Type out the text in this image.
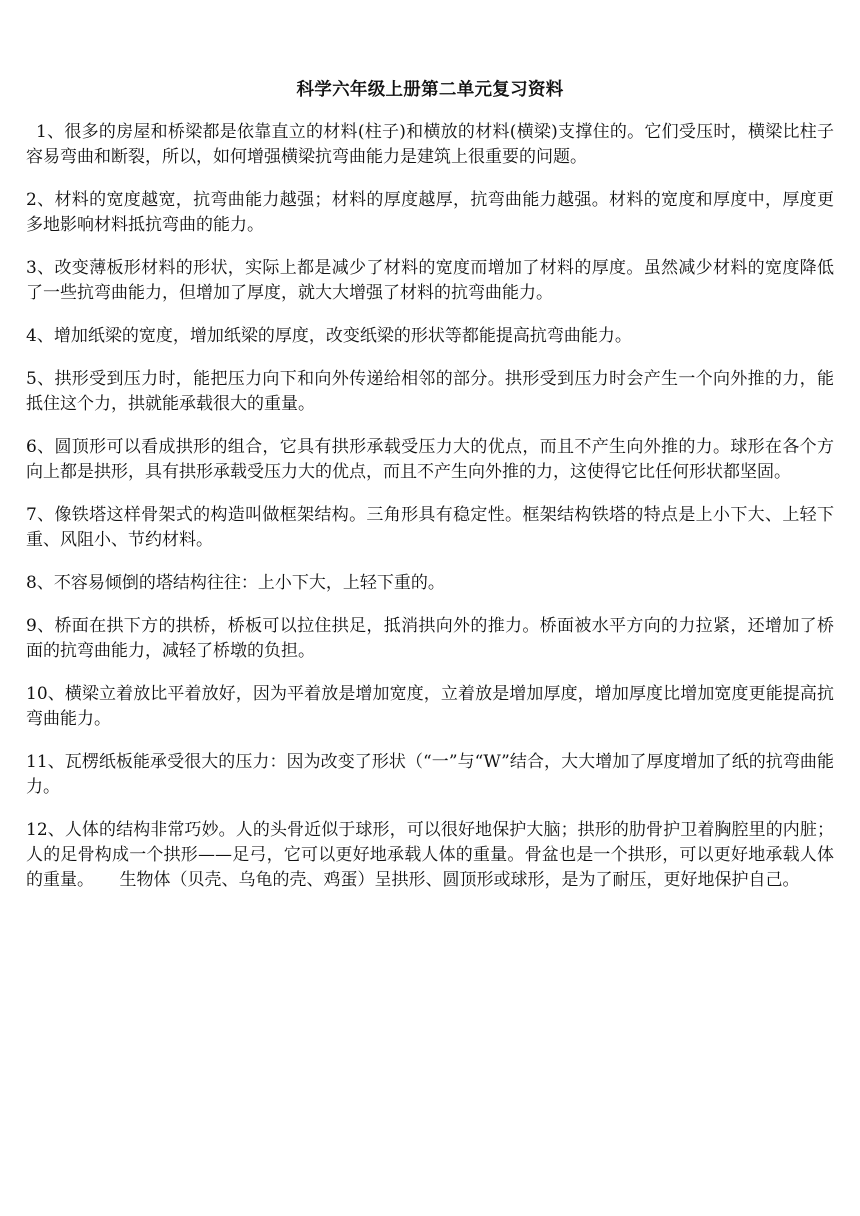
科学六年级上册第二单元复习资料

1、很多的房屋和桥梁都是依靠直立的材料(柱子)和横放的材料(横梁)支撑住的。它们受压时，横梁比柱子容易弯曲和断裂，所以，如何增强横梁抗弯曲能力是建筑上很重要的问题。

2、材料的宽度越宽，抗弯曲能力越强；材料的厚度越厚，抗弯曲能力越强。材料的宽度和厚度中，厚度更多地影响材料抵抗弯曲的能力。

3、改变薄板形材料的形状，实际上都是减少了材料的宽度而增加了材料的厚度。虽然减少材料的宽度降低了一些抗弯曲能力，但增加了厚度，就大大增强了材料的抗弯曲能力。

4、增加纸梁的宽度，增加纸梁的厚度，改变纸梁的形状等都能提高抗弯曲能力。

5、拱形受到压力时，能把压力向下和向外传递给相邻的部分。拱形受到压力时会产生一个向外推的力，能抵住这个力，拱就能承载很大的重量。

6、圆顶形可以看成拱形的组合，它具有拱形承载受压力大的优点，而且不产生向外推的力。球形在各个方向上都是拱形，具有拱形承载受压力大的优点，而且不产生向外推的力，这使得它比任何形状都坚固。

7、像铁塔这样骨架式的构造叫做框架结构。三角形具有稳定性。框架结构铁塔的特点是上小下大、上轻下重、风阻小、节约材料。

8、不容易倾倒的塔结构往往：上小下大，上轻下重的。

9、桥面在拱下方的拱桥，桥板可以拉住拱足，抵消拱向外的推力。桥面被水平方向的力拉紧，还增加了桥面的抗弯曲能力，减轻了桥墩的负担。

10、横梁立着放比平着放好，因为平着放是增加宽度，立着放是增加厚度，增加厚度比增加宽度更能提高抗弯曲能力。

11、瓦楞纸板能承受很大的压力：因为改变了形状（“一”与“W”结合，大大增加了厚度增加了纸的抗弯曲能力。

12、人体的结构非常巧妙。人的头骨近似于球形，可以很好地保护大脑；拱形的肋骨护卫着胸腔里的内脏；人的足骨构成一个拱形——足弓，它可以更好地承载人体的重量。骨盆也是一个拱形，可以更好地承载人体的重量。　　生物体（贝壳、乌龟的壳、鸡蛋）呈拱形、圆顶形或球形，是为了耐压，更好地保护自己。
